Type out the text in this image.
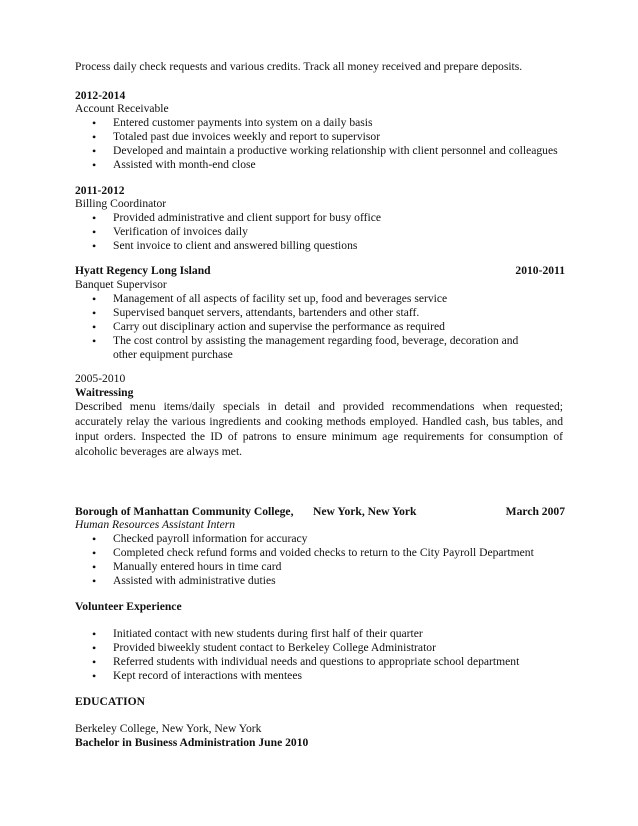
Process daily check requests and various credits. Track all money received and prepare deposits.
2012-2014
Account Receivable
• Entered customer payments into system on a daily basis
• Totaled past due invoices weekly and report to supervisor
• Developed and maintain a productive working relationship with client personnel and colleagues
• Assisted with month-end close
2011-2012
Billing Coordinator
• Provided administrative and client support for busy office
• Verification of invoices daily
• Sent invoice to client and answered billing questions
Hyatt Regency Long Island	2010-2011
Banquet Supervisor
• Management of all aspects of facility set up, food and beverages service
• Supervised banquet servers, attendants, bartenders and other staff.
• Carry out disciplinary action and supervise the performance as required
• The cost control by assisting the management regarding food, beverage, decoration and other equipment purchase
2005-2010
Waitressing
Described menu items/daily specials in detail and provided recommendations when requested; accurately relay the various ingredients and cooking methods employed. Handled cash, bus tables, and input orders. Inspected the ID of patrons to ensure minimum age requirements for consumption of alcoholic beverages are always met.
Borough of Manhattan Community College, New York, New York	March 2007
Human Resources Assistant Intern
• Checked payroll information for accuracy
• Completed check refund forms and voided checks to return to the City Payroll Department
• Manually entered hours in time card
• Assisted with administrative duties
Volunteer Experience
• Initiated contact with new students during first half of their quarter
• Provided biweekly student contact to Berkeley College Administrator
• Referred students with individual needs and questions to appropriate school department
• Kept record of interactions with mentees
EDUCATION
Berkeley College, New York, New York
Bachelor in Business Administration June 2010
